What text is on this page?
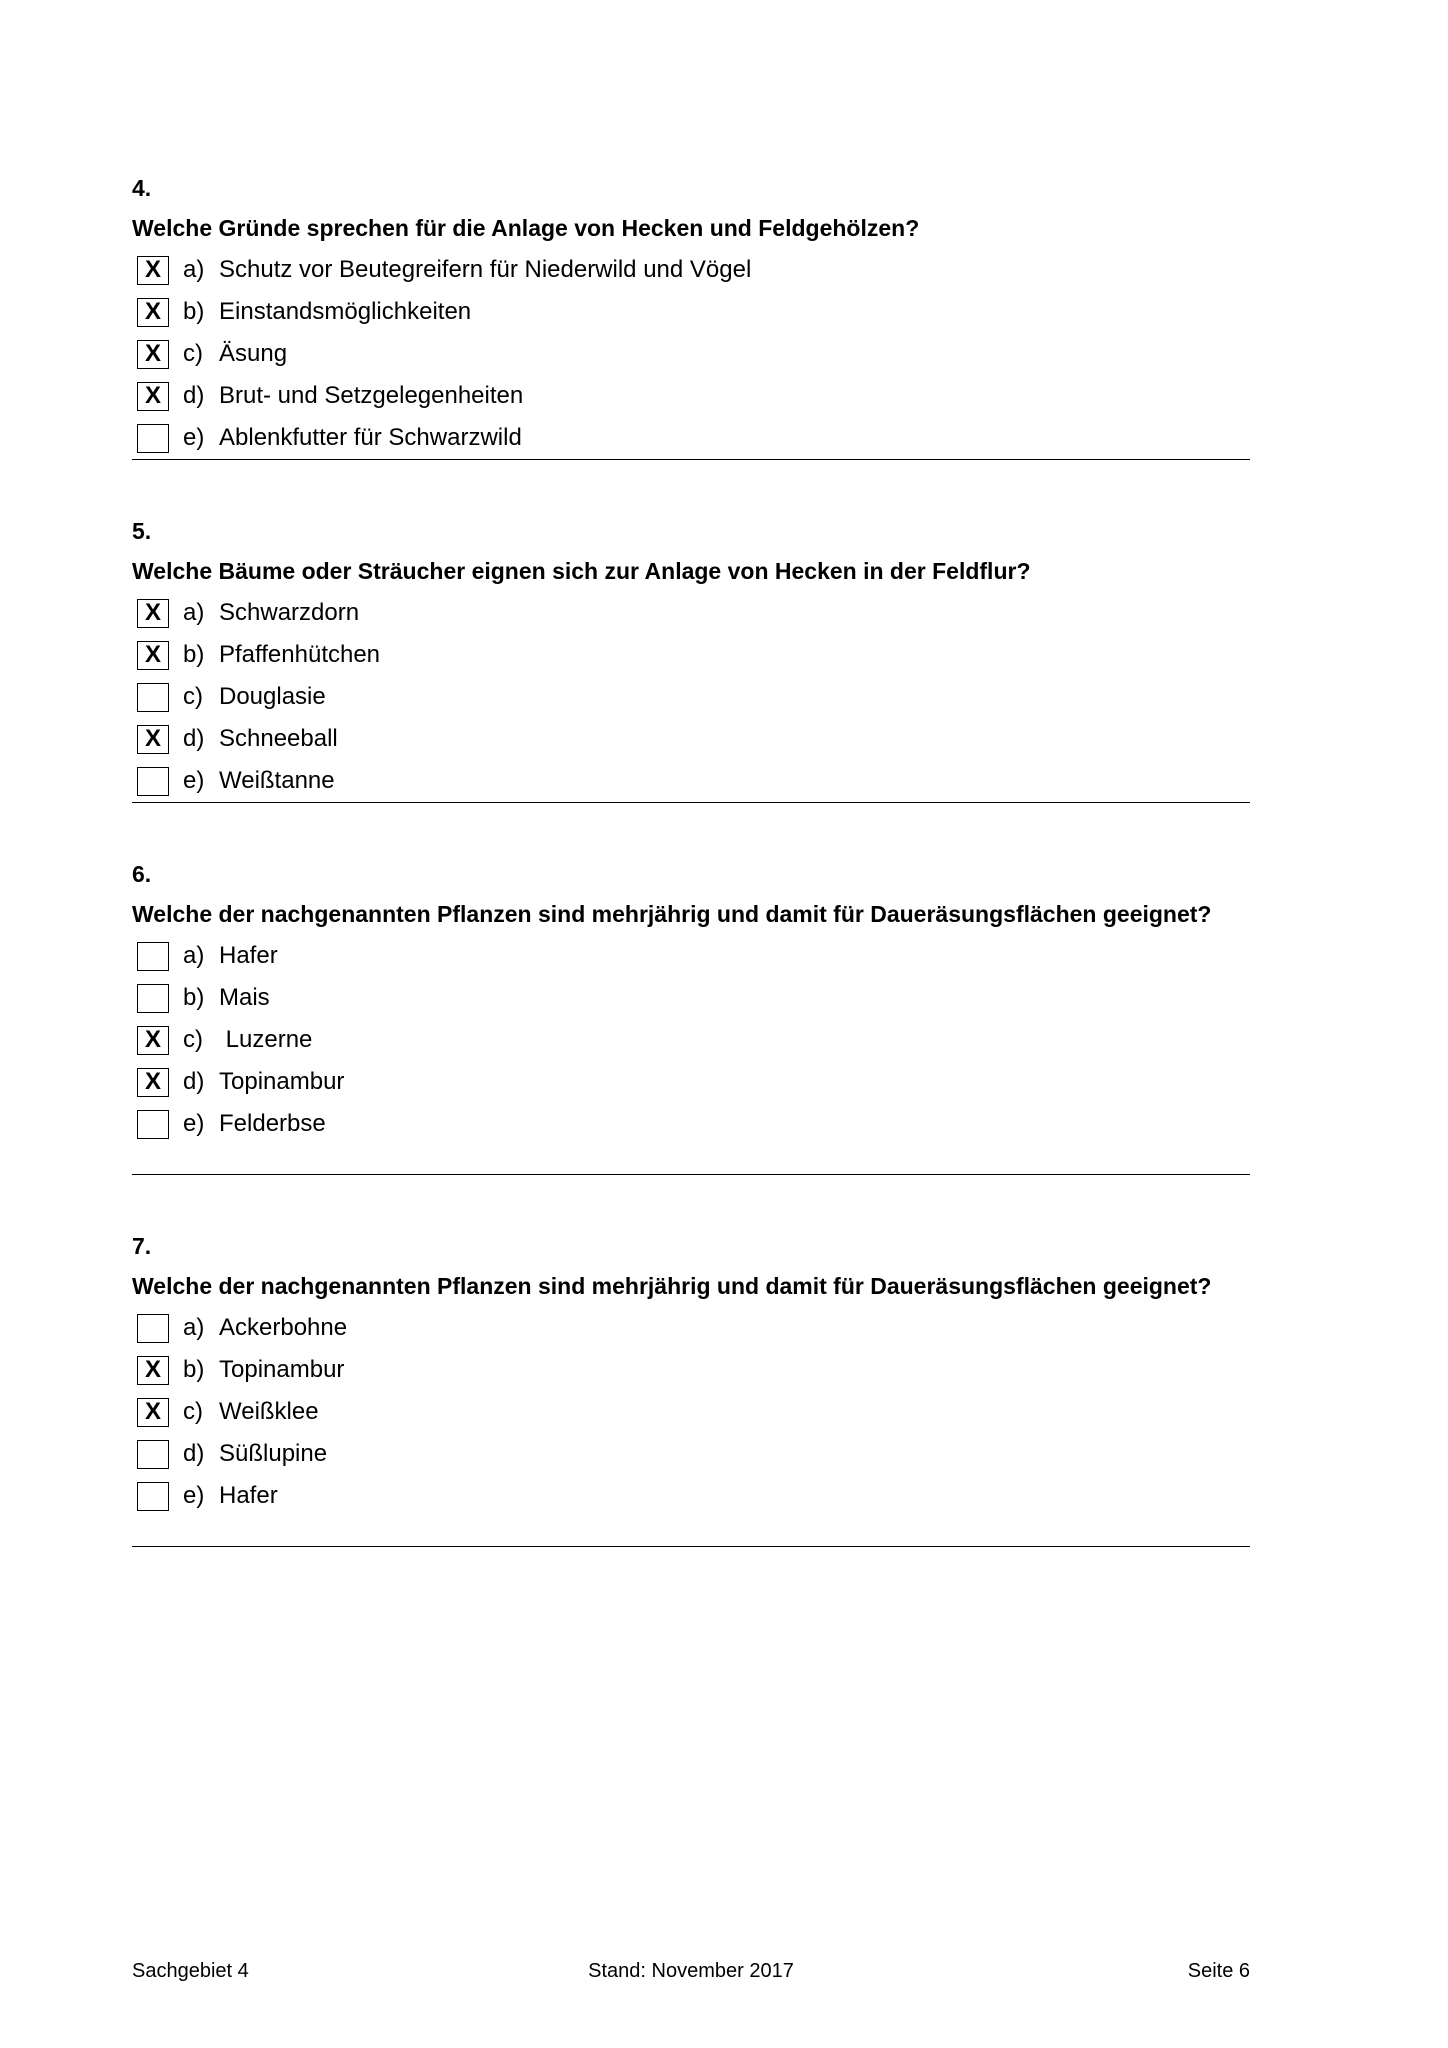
4.
Welche Gründe sprechen für die Anlage von Hecken und Feldgehölzen?
X a) Schutz vor Beutegreifern für Niederwild und Vögel
X b) Einstandsmöglichkeiten
X c) Äsung
X d) Brut- und Setzgelegenheiten
e) Ablenkfutter für Schwarzwild
5.
Welche Bäume oder Sträucher eignen sich zur Anlage von Hecken in der Feldflur?
X a) Schwarzdorn
X b) Pfaffenhütchen
c) Douglasie
X d) Schneeball
e) Weißtanne
6.
Welche der nachgenannten Pflanzen sind mehrjährig und damit für Daueräsungsflächen geeignet?
a) Hafer
b) Mais
X c) Luzerne
X d) Topinambur
e) Felderbse
7.
Welche der nachgenannten Pflanzen sind mehrjährig und damit für Daueräsungsflächen geeignet?
a) Ackerbohne
X b) Topinambur
X c) Weißklee
d) Süßlupine
e) Hafer
Sachgebiet 4	Stand: November 2017	Seite 6
